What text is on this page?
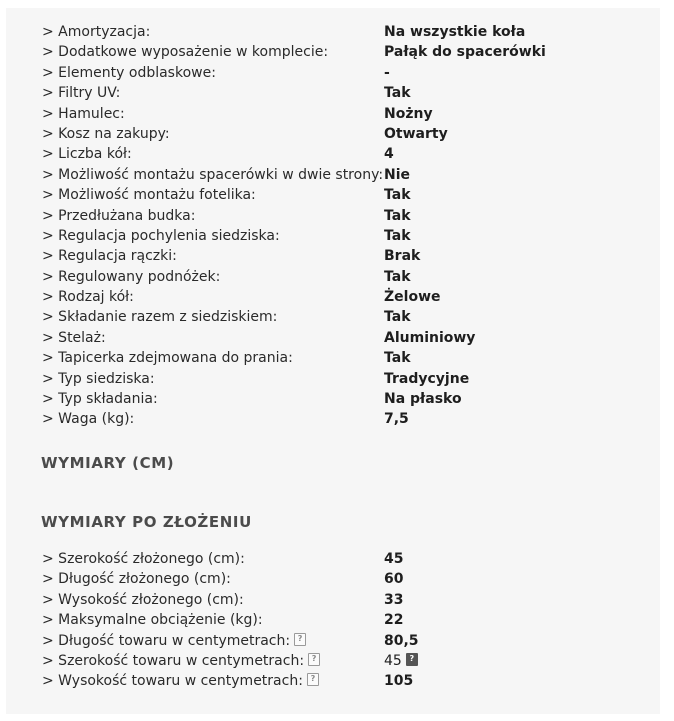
> Amortyzacja:	Na wszystkie koła
> Dodatkowe wyposażenie w komplecie:	Pałąk do spacerówki
> Elementy odblaskowe:	-
> Filtry UV:	Tak
> Hamulec:	Nożny
> Kosz na zakupy:	Otwarty
> Liczba kół:	4
> Możliwość montażu spacerówki w dwie strony: Nie
> Możliwość montażu fotelika:	Tak
> Przedłużana budka:	Tak
> Regulacja pochylenia siedziska:	Tak
> Regulacja rączki:	Brak
> Regulowany podnóżek:	Tak
> Rodzaj kół:	Żelowe
> Składanie razem z siedziskiem:	Tak
> Stelaż:	Aluminiowy
> Tapicerka zdejmowana do prania:	Tak
> Typ siedziska:	Tradycyjne
> Typ składania:	Na płasko
> Waga (kg):	7,5
WYMIARY (CM)
WYMIARY PO ZŁOŻENIU
> Szerokość złożonego (cm):	45
> Długość złożonego (cm):	60
> Wysokość złożonego (cm):	33
> Maksymalne obciążenie (kg):	22
> Długość towaru w centymetrach: ?	80,5
> Szerokość towaru w centymetrach: ?	45 ?
> Wysokość towaru w centymetrach: ?	105
